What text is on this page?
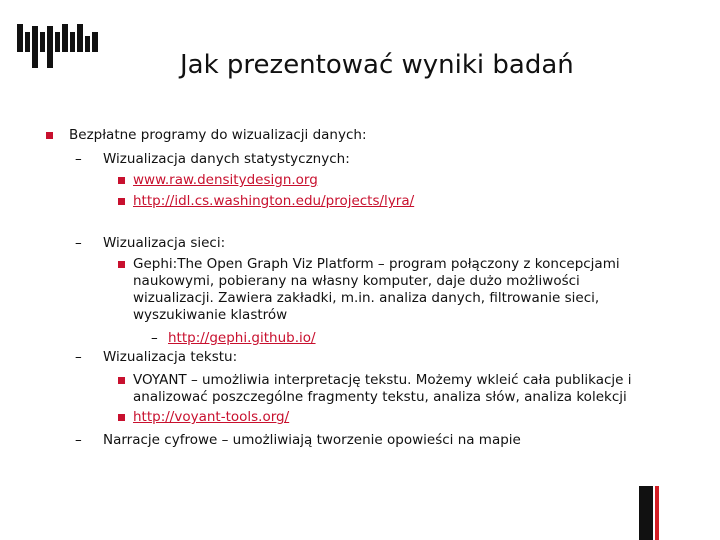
Jak prezentować wyniki badań
Bezpłatne programy do wizualizacji danych:
– Wizualizacja danych statystycznych:
www.raw.densitydesign.org
http://idl.cs.washington.edu/projects/lyra/
– Wizualizacja sieci:
Gephi:The Open Graph Viz Platform – program połączony z koncepcjami
naukowymi, pobierany na własny komputer, daje dużo możliwości
wizualizacji. Zawiera zakładki, m.in. analiza danych, filtrowanie sieci,
wyszukiwanie klastrów
– http://gephi.github.io/
– Wizualizacja tekstu:
VOYANT – umożliwia interpretację tekstu. Możemy wkleić cała publikacje i
analizować poszczególne fragmenty tekstu, analiza słów, analiza kolekcji
http://voyant-tools.org/
– Narracje cyfrowe – umożliwiają tworzenie opowieści na mapie
